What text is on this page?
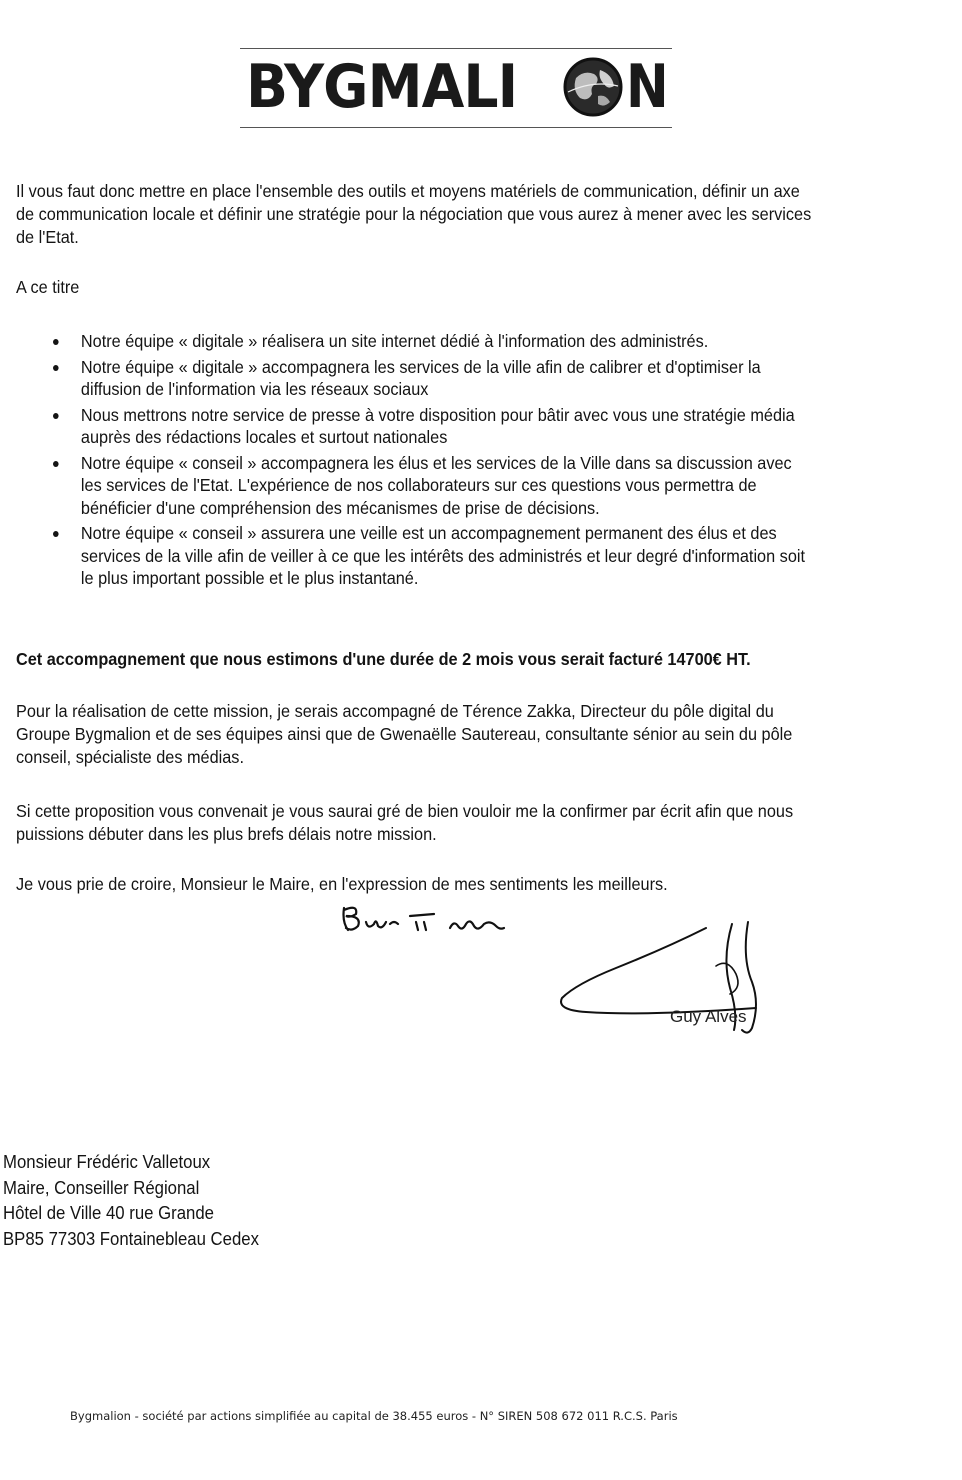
BYGMALI N

Il vous faut donc mettre en place l'ensemble des outils et moyens matériels de communication, définir un axe de communication locale et définir une stratégie pour la négociation que vous aurez à mener avec les services de l'Etat.

A ce titre

Notre équipe « digitale » réalisera un site internet dédié à l'information des administrés.
Notre équipe « digitale » accompagnera les services de la ville afin de calibrer et d'optimiser la diffusion de l'information via les réseaux sociaux
Nous mettrons notre service de presse à votre disposition pour bâtir avec vous une stratégie média auprès des rédactions locales et surtout nationales
Notre équipe « conseil » accompagnera les élus et les services de la Ville dans sa discussion avec les services de l'Etat. L'expérience de nos collaborateurs sur ces questions vous permettra de bénéficier d'une compréhension des mécanismes de prise de décisions.
Notre équipe « conseil » assurera une veille est un accompagnement permanent des élus et des services de la ville afin de veiller à ce que les intérêts des administrés et leur degré d'information soit le plus important possible et le plus instantané.

Cet accompagnement que nous estimons d'une durée de 2 mois vous serait facturé 14700€ HT.

Pour la réalisation de cette mission, je serais accompagné de Térence Zakka, Directeur du pôle digital du Groupe Bygmalion et de ses équipes ainsi que de Gwenaëlle Sautereau, consultante sénior au sein du pôle conseil, spécialiste des médias.

Si cette proposition vous convenait je vous saurai gré de bien vouloir me la confirmer par écrit afin que nous puissions débuter dans les plus brefs délais notre mission.

Je vous prie de croire, Monsieur le Maire, en l'expression de mes sentiments les meilleurs.

Guy Alves
Monsieur Frédéric Valletoux
Maire, Conseiller Régional
Hôtel de Ville 40 rue Grande
BP85 77303 Fontainebleau Cedex
Bygmalion - société par actions simplifiée au capital de 38.455 euros - N° SIREN 508 672 011 R.C.S. Paris
